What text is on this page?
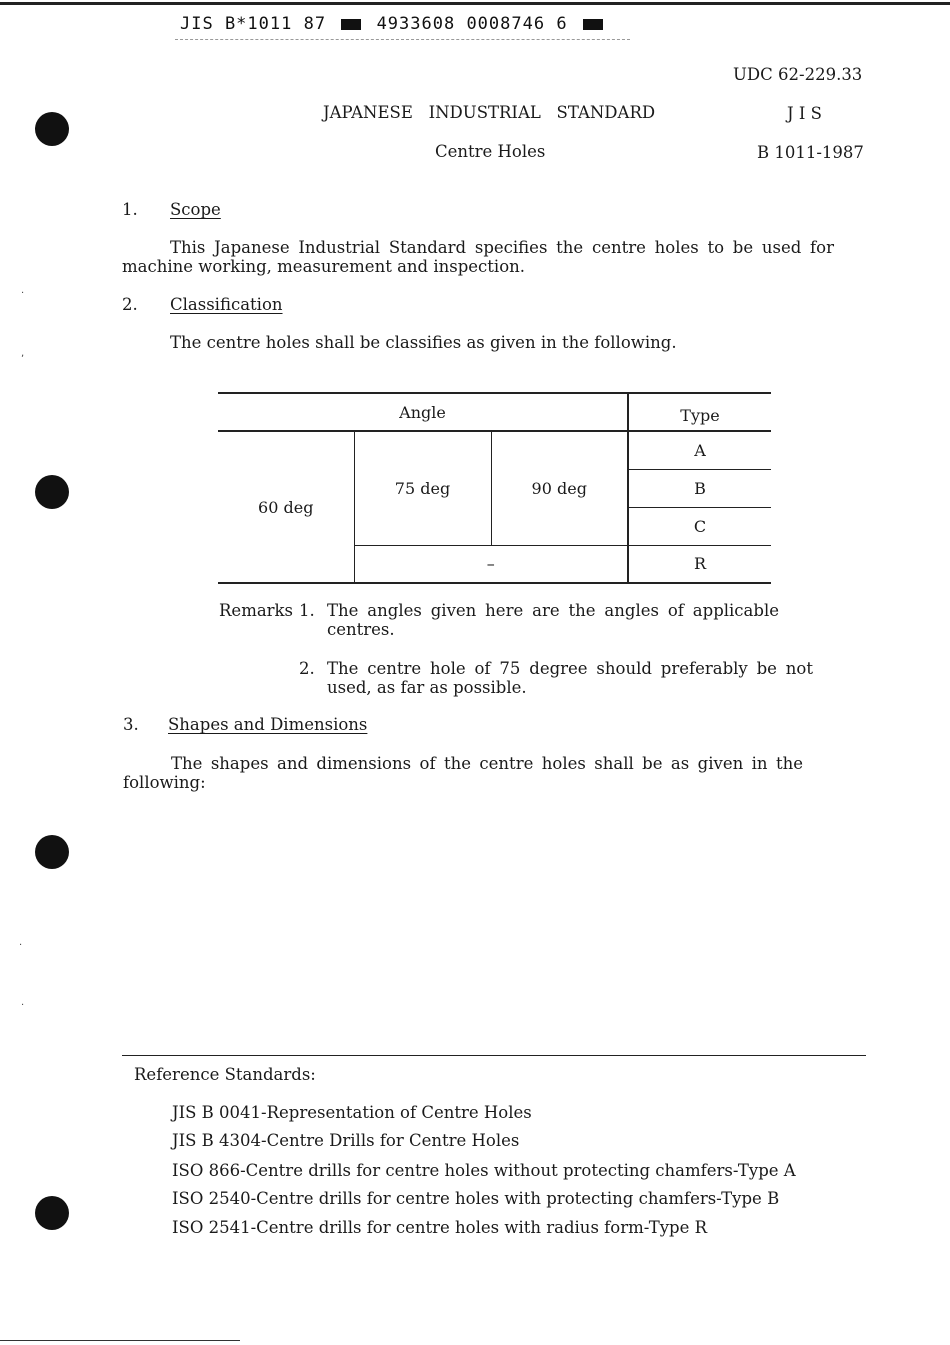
JIS B*1011 87	4933608 0008746 6
·
,
·
·
UDC 62-229.33
JAPANESE   INDUSTRIAL   STANDARD	J I S
Centre Holes	B 1011-1987
1. Scope
This Japanese Industrial Standard specifies the centre holes to be used for machine working, measurement and inspection.
2. Classification
The centre holes shall be classifies as given in the following.
Angle			Type
60 deg	75 deg	90 deg	A
			B
			C
	–		R
Remarks 1. The angles given here are the angles of applicable centres.
2. The centre hole of 75 degree should preferably be not used, as far as possible.
3. Shapes and Dimensions
The shapes and dimensions of the centre holes shall be as given in the following:
Reference Standards:
JIS B 0041-Representation of Centre Holes
JIS B 4304-Centre Drills for Centre Holes
ISO 866-Centre drills for centre holes without protecting chamfers-Type A
ISO 2540-Centre drills for centre holes with protecting chamfers-Type B
ISO 2541-Centre drills for centre holes with radius form-Type R
